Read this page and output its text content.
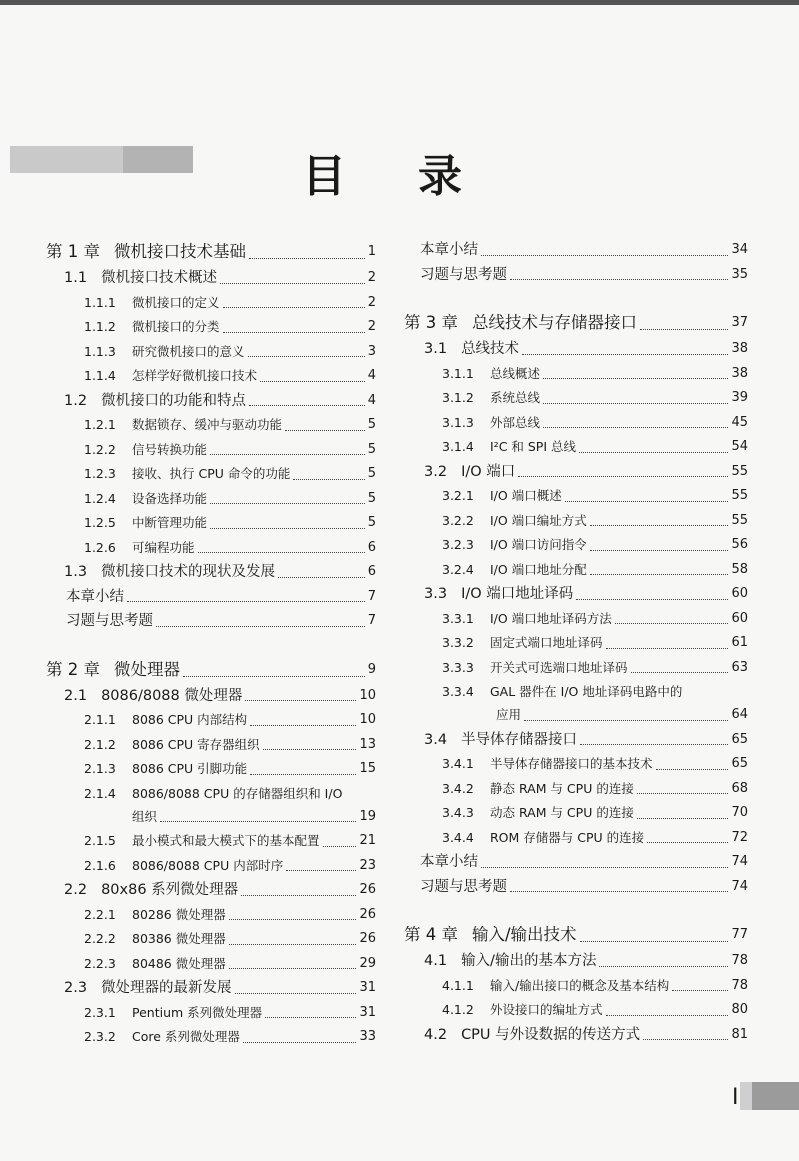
目 录
第 1 章 微机接口技术基础	1
1.1 微机接口技术概述	2
1.1.1 微机接口的定义	2
1.1.2 微机接口的分类	2
1.1.3 研究微机接口的意义	3
1.1.4 怎样学好微机接口技术	4
1.2 微机接口的功能和特点	4
1.2.1 数据锁存、缓冲与驱动功能	5
1.2.2 信号转换功能	5
1.2.3 接收、执行 CPU 命令的功能	5
1.2.4 设备选择功能	5
1.2.5 中断管理功能	5
1.2.6 可编程功能	6
1.3 微机接口技术的现状及发展	6
本章小结	7
习题与思考题	7
第 2 章 微处理器	9
2.1 8086/8088 微处理器	10
2.1.1 8086 CPU 内部结构	10
2.1.2 8086 CPU 寄存器组织	13
2.1.3 8086 CPU 引脚功能	15
2.1.4 8086/8088 CPU 的存储器组织和 I/O
组织	19
2.1.5 最小模式和最大模式下的基本配置	21
2.1.6 8086/8088 CPU 内部时序	23
2.2 80x86 系列微处理器	26
2.2.1 80286 微处理器	26
2.2.2 80386 微处理器	26
2.2.3 80486 微处理器	29
2.3 微处理器的最新发展	31
2.3.1 Pentium 系列微处理器	31
2.3.2 Core 系列微处理器	33
本章小结	34
习题与思考题	35
第 3 章 总线技术与存储器接口	37
3.1 总线技术	38
3.1.1 总线概述	38
3.1.2 系统总线	39
3.1.3 外部总线	45
3.1.4 I²C 和 SPI 总线	54
3.2 I/O 端口	55
3.2.1 I/O 端口概述	55
3.2.2 I/O 端口编址方式	55
3.2.3 I/O 端口访问指令	56
3.2.4 I/O 端口地址分配	58
3.3 I/O 端口地址译码	60
3.3.1 I/O 端口地址译码方法	60
3.3.2 固定式端口地址译码	61
3.3.3 开关式可选端口地址译码	63
3.3.4 GAL 器件在 I/O 地址译码电路中的
应用	64
3.4 半导体存储器接口	65
3.4.1 半导体存储器接口的基本技术	65
3.4.2 静态 RAM 与 CPU 的连接	68
3.4.3 动态 RAM 与 CPU 的连接	70
3.4.4 ROM 存储器与 CPU 的连接	72
本章小结	74
习题与思考题	74
第 4 章 输入/输出技术	77
4.1 输入/输出的基本方法	78
4.1.1 输入/输出接口的概念及基本结构	78
4.1.2 外设接口的编址方式	80
4.2 CPU 与外设数据的传送方式	81
I
